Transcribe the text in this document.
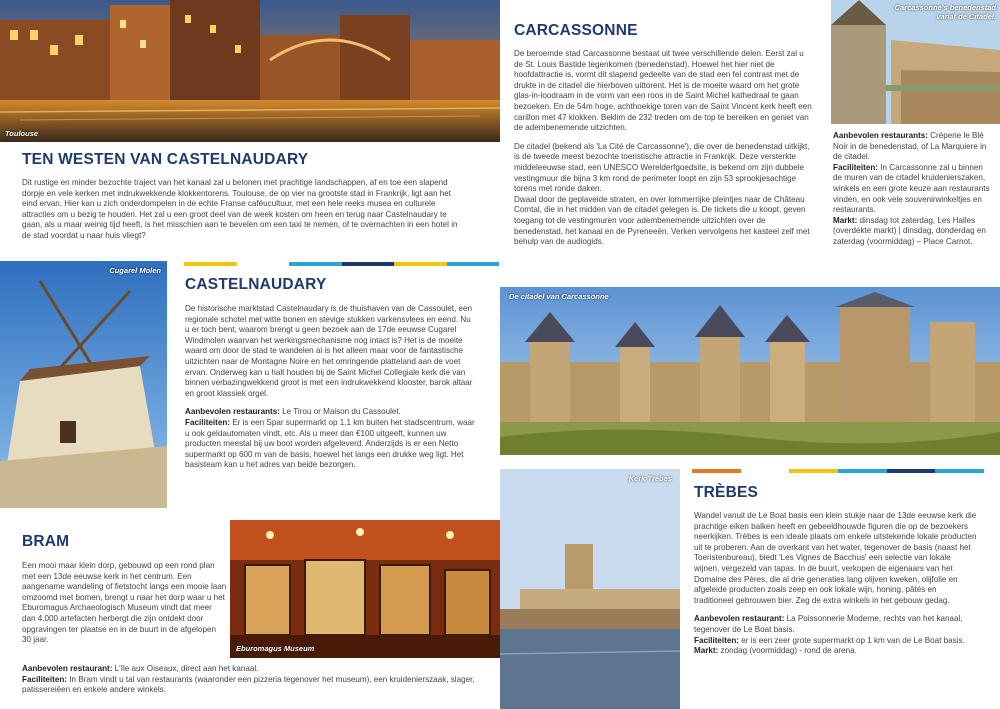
Toulouse
TEN WESTEN VAN CASTELNAUDARY

Dit rustige en minder bezochte traject van het kanaal zal u belonen met prachtige landschappen, af en toe een slapend dorpje en vele kerken met indrukwekkende klokkentorens. Toulouse, de op vier na grootste stad in Frankrijk, ligt aan het eind ervan. Hier kan u zich onderdompelen in de echte Franse caféucultuur, met een hele reeks musea en culturele attracties om u bezig te houden. Het zal u een groot deel van de week kosten om heen en terug naar Castelnaudary te gaan, als u maar weinig tijd heeft, is het misschien aan te bevelen om een taxi te nemen, of te overnachten in een hotel in de stad voordat u naar huis vliegt?

Cugarel Molen
CASTELNAUDARY

De historische marktstad Castelnaudary is de thuishaven van de Cassoulet, een regionale schotel met witte bonen en stevige stukken varkensvlees en eend. Nu u er toch bent, waarom brengt u geen bezoek aan de 17de eeuwse Cugarel Windmolen waarvan het werkingsmechanisme nog intact is? Het is de moeite waard om door de stad te wandelen al is het alleen maar voor de fantastische uitzichten naar de Montagne Noire en het omringende platteland aan de voet ervan. Onderweg kan u halt houden bij de Saint Michel Collegiale kerk die van binnen verbazingwekkend groot is met een indrukwekkend klooster, barok altaar en groot klassiek orgel.

Aanbevolen restaurants: Le Tirou or Maison du Cassoulet.
Faciliteiten: Er is een Spar supermarkt op 1,1 km buiten het stadscentrum, waar u ook geldautomaten vindt, etc. Als u meer dan €100 uitgeeft, kunnen uw producten meestal bij uw boot worden afgeleverd. Anderzijds is er een Netto supermarkt op 600 m van de basis, hoewel het langs een drukke weg ligt. Het basisteam kan u het adres van beide bezorgen.

BRAM

Een mooi maar klein dorp, gebouwd op een rond plan met een 13de eeuwse kerk in het centrum. Een aangename wandeling of fietstocht langs een mooie laan omzoomd met bomen, brengt u naar het dorp waar u het Eburomagus Archaeologisch Museum vindt dat meer dan 4.000 artefacten herbergt die zijn ontdekt door opgravingen ter plaatse en in de buurt in de afgelopen 30 jaar.

Aanbevolen restaurant: L'Ile aux Oiseaux, direct aan het kanaal.
Faciliteiten: In Bram vindt u tal van restaurants (waaronder een pizzeria tegenover het museum), een kruidenierszaak, slager, patissereiëen en enkele andere winkels.
Eburomagus Museum
CARCASSONNE

De beroemde stad Carcassonne bestaat uit twee verschillende delen. Eerst zal u de St. Louis Bastide tegenkomen (benedenstad). Hoewel het hier niet de hoofdattractie is, vormt dit slapend gedeelte van de stad een fel contrast met de drukte in de citadel die hierboven uittorent. Het is de moeite waard om het grote glas-in-loodraam in de vorm van een roos in de Saint Michel kathedraal te gaan bezoeken. En de 54m hoge, achthoekige toren van de Saint Vincent kerk heeft een carillon met 47 klokken. Beklim de 232 treden om de top te bereiken en geniet van de adembenemende uitzichten.

De citadel (bekend als 'La Cité de Carcassonne'), die over de benedenstad uitkijkt, is de tweede meest bezochte toeristische attractie in Frankrijk. Deze versterkte middeleeuwse stad, een UNESCO Werelderfgoedsite, is bekend om zijn dubbele vestingmuur die bijna 3 km rond de perimeter loopt en zijn 53 sprookjesachtige torens met ronde daken.

Dwaal door de geplaveide straten, en over lommerrijke pleintjes naar de Château Comtal, die in het midden van de citadel gelegen is. De tickets die u koopt, geven toegang tot de vestingmuren voor adembenemende uitzichten over de benedenstad, het kanaal en de Pyreneeën. Verken vervolgens het kasteel zelf met behulp van de audiogids.

Carcassonne's benedenstad
vanaf de Citadel.
Aanbevolen restaurants: Créperie le Blé Noir in de benedenstad, of La Marquiere in de citadel.
Faciliteiten: In Carcassonne zal u binnen de muren van de citadel kruidenierszaken, winkels en een grote keuze aan restaurants vinden, en ook vele souvenirwinkeltjes en restaurants.
Markt: dinsdag tot zaterdag, Les Halles (overdekte markt) | dinsdag, donderdag en zaterdag (voormiddag) – Place Carnot.
De citadel van Carcassonne
Kerk Trèbes
TRÈBES

Wandel vanuit de Le Boat basis een klein stukje naar de 13de eeuwse kerk die prachtige eiken balken heeft en gebeeldhouwde figuren die op de bezoekers neerkijken. Trèbes is een ideale plaats om enkele uitstekende lokale producten uit te proberen. Aan de overkant van het water, tegenover de basis (naast het Toeristenbureau), biedt 'Les Vignes de Bacchus' een selectie van lokale wijnen, vergezeld van tapas. In de buurt, verkopen de eigenaars van het Domaine des Pères, die al drie generaties lang olijven kweken, olijfolie en afgeleide producten zoals zeep en ook lokale wijn, honing, pâtés en traditioneel gebrouwen bier. Zeg de extra winkels in het gebouw gedag.

Aanbevolen restaurant: La Poissonnerie Moderne, rechts van het kanaal, tegenover de Le Boat basis.
Faciliteiten: er is een zeer grote supermarkt op 1 km van de Le Boat basis.
Markt: zondag (voormiddag) - rond de arena.
